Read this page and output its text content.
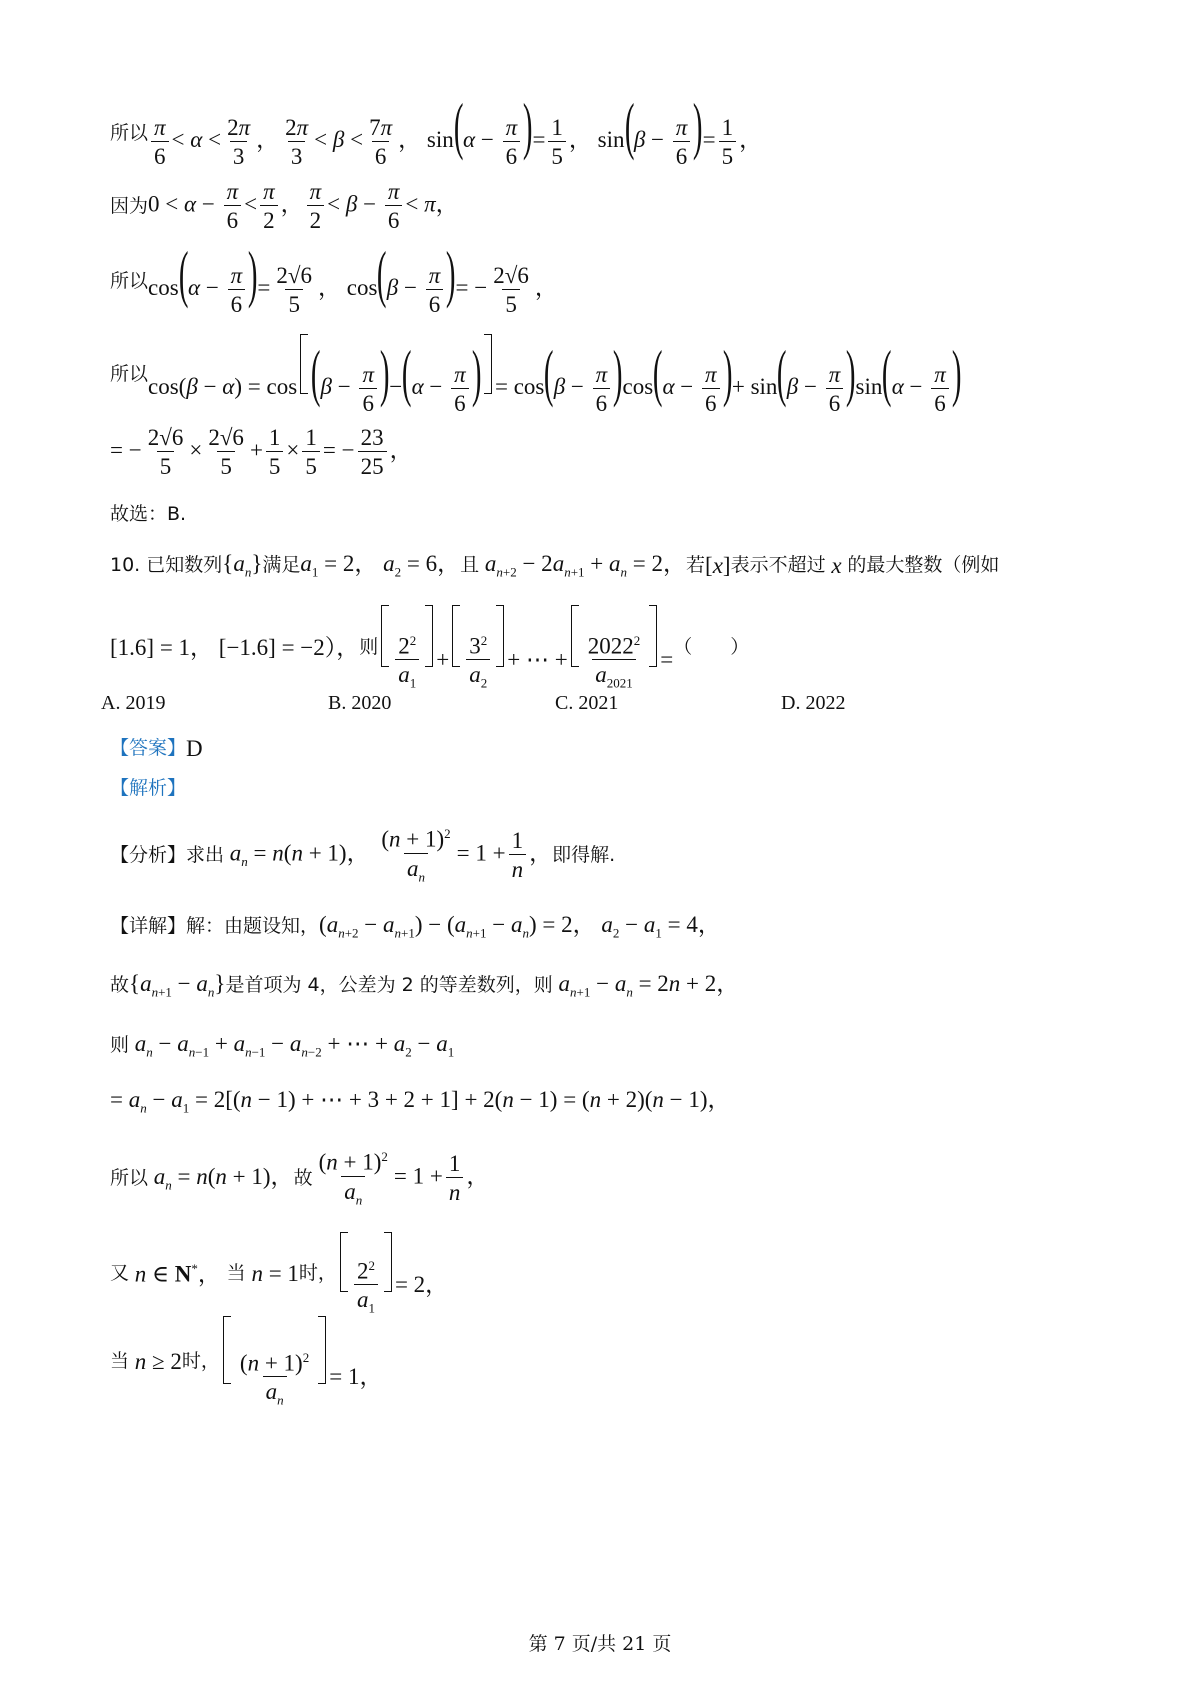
所以 $\frac{\pi}{6} < \alpha < \frac{2\pi}{3}$ ， $\frac{2\pi}{3} < \beta < \frac{7\pi}{6}$ ， $\sin(\alpha - \frac{\pi}{6}$ )= $\frac{1}{5}$ ， $\sin(\beta - \frac{\pi}{6}$ )= $\frac{1}{5}$ ，
因为 $0 < \alpha - \frac{\pi}{6} < \frac{\pi}{2}$ ， $\frac{\pi}{2} < \beta - \frac{\pi}{6} < \pi$，
所以 $\cos(\alpha - \frac{\pi}{6}$ )= $\frac{2√6}{5}$ ， $\cos(\beta - \frac{\pi}{6}$ )= − $\frac{2√6}{5}$ ，
所以
$\cos(\beta - \alpha) = \cos (\beta - \frac{\pi}{6} )-(\alpha - \frac{\pi}{6}$ ) = $\cos(\beta - \frac{\pi}{6} )\cos(\alpha - \frac{\pi}{6}$ )+ $\sin(\beta - \frac{\pi}{6} )\sin(\alpha - \frac{\pi}{6}$ )
= − $\frac{2√6}{5} \times \frac{2√6}{5} + \frac{1}{5} \times \frac{1}{5}$ = − $\frac{23}{25}$ ，
故选：B.
10. 已知数列 $\{a_n\}$ 满足 $a_1 = 2$， $a_2 = 6$， 且 $a_{n+2} - 2a_{n+1} + a_n = 2$， 若 [x] 表示不超过 x 的最大整数（例如
[1.6] = 1， [−1.6] = −2）， 则 $\frac{2^2}{a_1} + \frac{3^2}{a_2}$ + ⋯ + $\frac{2022^2}{a_{2021}}$ =
（　　）
A. 2019	B. 2020	C. 2021	D. 2022
【答案】 D
【解析】
【分析】 求出 $a_n = n(n + 1)$， $\frac{(n + 1)^2}{a_n} = 1 + \frac{1}{n}$ ， 即得解.
【详解】 解：由题设知， $(a_{n+2} - a_{n+1}) - (a_{n+1} - a_n) = 2$， $a_2 - a_1 = 4$，
故 $\{a_{n+1} - a_n\}$ 是首项为 4，公差为 2 的等差数列，则 $a_{n+1} - a_n = 2n + 2$，
则 $a_n - a_{n-1} + a_{n-1} - a_{n-2}$ + ⋯ + $a_2 - a_1$
= $a_n - a_1 = 2[(n - 1)$ + ⋯ + 3 + 2 + 1] + 2(n − 1) = (n + 2)(n − 1)，
所以 $a_n = n(n + 1)$， 故 $\frac{(n + 1)^2}{a_n} = 1 + \frac{1}{n}$ ，
又 n ∈ N*， 当 n = 1 时， $\frac{2^2}{a_1} = 2$，
当 n ≥ 2 时， $\frac{(n + 1)^2}{a_n} = 1$，
第 7 页/共 21 页
